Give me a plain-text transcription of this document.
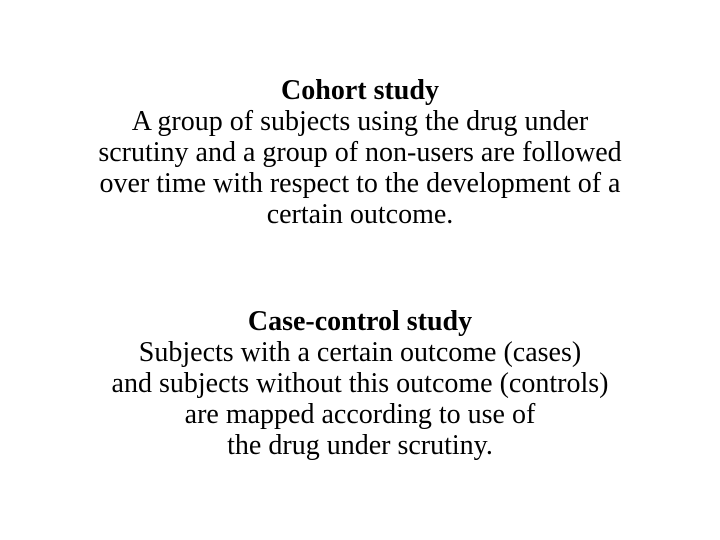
Cohort study
A group of subjects using the drug under
scrutiny and a group of non-users are followed
over time with respect to the development of a
certain outcome.
Case-control study
Subjects with a certain outcome (cases)
and subjects without this outcome (controls)
are mapped according to use of
the drug under scrutiny.
